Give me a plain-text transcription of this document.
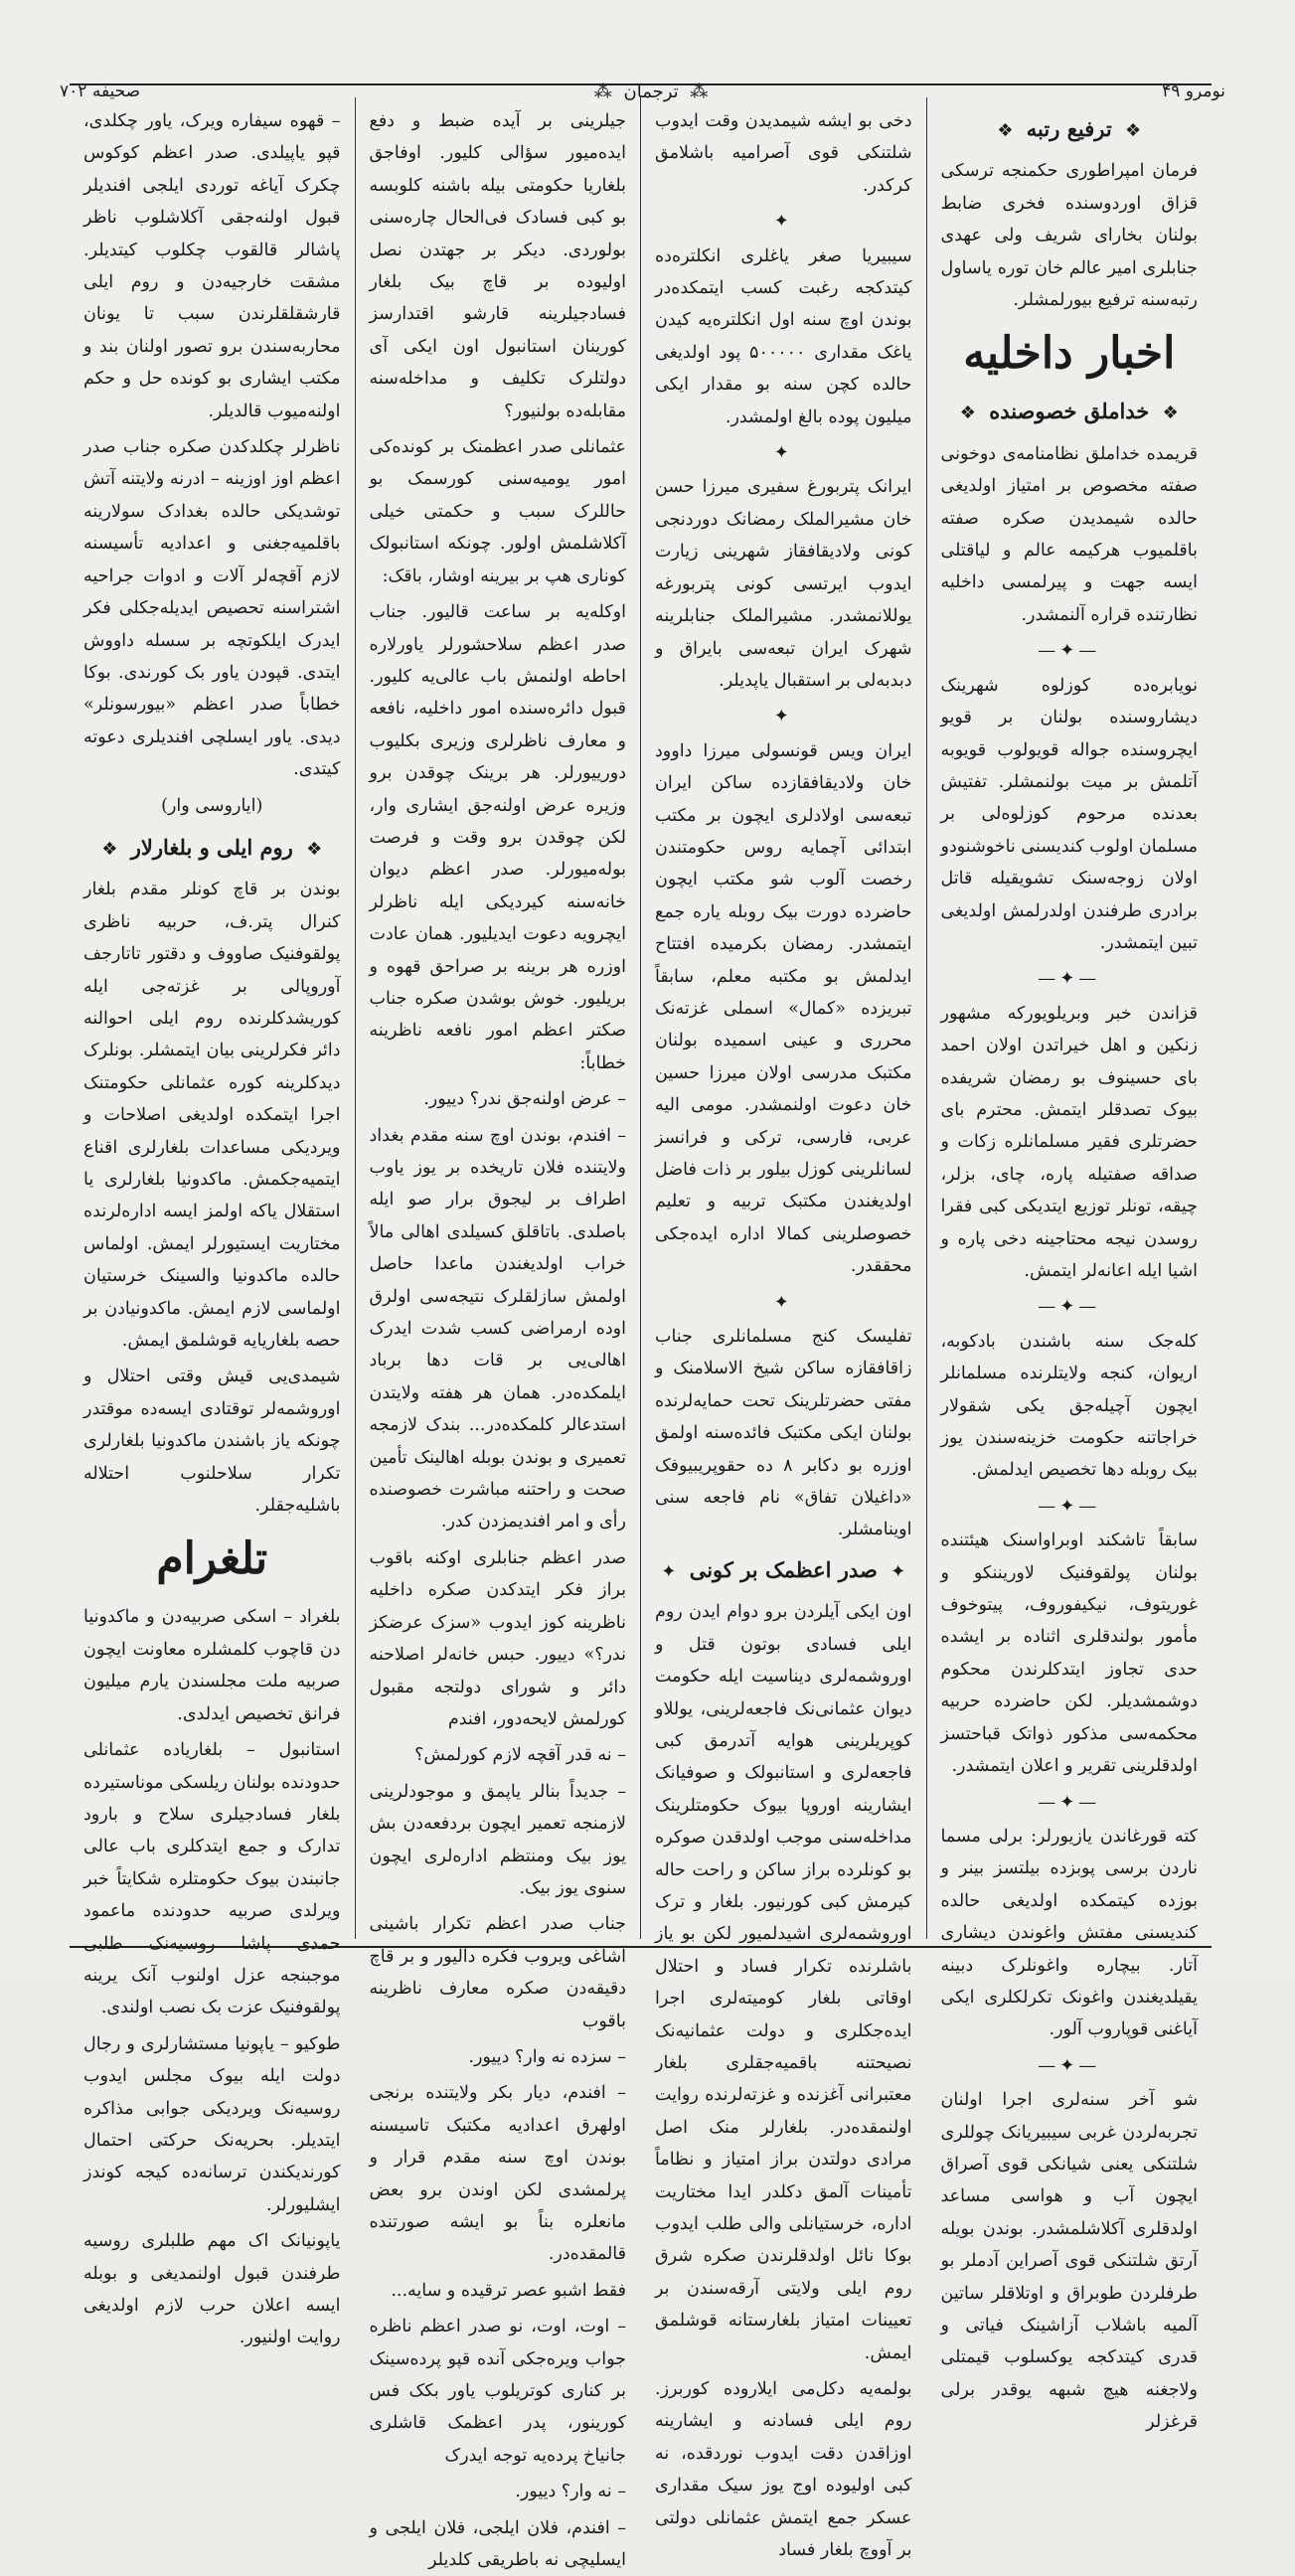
نومرو ۴۹
⁂ ترجمان ⁂
صحیفه ۷۰۲
❖ ترفیع رتبه ❖

فرمان امپراطوری حکمنجه ترسکی قزاق اوردوسنده فخری ضابط بولنان بخارای شریف ولی عهدی جنابلری امیر عالم خان توره یاساول رتبه‌سنه ترفیع بیورلمشلر.

اخبار داخلیه
❖ خداملق خصوصنده ❖

قریمده خداملق نظامنامه‌ی دوخونی صفته مخصوص بر امتیاز اولدیغی حالده شیمدیدن صکره صفته باقلمیوب هرکیمه عالم و لیاقتلی ایسه جهت و پیرلمسی داخلیه نظارتنده قراره آلنمشدر.

—✦—

نویابره‌ده کوزلوه شهرینک دیشاروسنده بولنان بر قویو ایچروسنده جواله قویولوب قویوبه آتلمش بر میت بولنمشلر. تفتیش بعدنده مرحوم کوزلوه‌لی بر مسلمان اولوب کندیسنی ناخوشنودو اولان زوجه‌سنک تشویقیله قاتل برادری طرفندن اولدرلمش اولدیغی تبین ایتمشدر.

—✦—

قزاندن خبر وبریلویورکه مشهور زنکین و اهل خیراتدن اولان احمد بای حسینوف بو رمضان شریفده بیوک تصدقلر ایتمش. محترم بای حضرتلری فقیر مسلمانلره زکات و صداقه صفتیله پاره، چای، بزلر، چیقه، تونلر توزیع ایتدیکی کبی فقرا روسدن نیجه محتاجینه دخی پاره و اشیا ایله اعانه‌لر ایتمش.

—✦—

کله‌جک سنه باشندن بادکوبه، اریوان، کنجه ولایتلرنده مسلمانلر ایچون آچیله‌جق یکی شقولار خراجاتنه حکومت خزینه‌سندن یوز بیک روبله دها تخصیص ایدلمش.

—✦—

سابقاً تاشکند اوبراواسنک هیئتنده بولنان پولقوفنیک لاوریننکو و غوریتوف، نیکیفوروف، پیتوخوف مأمور بولندقلری اثناده بر ایشده حدی تجاوز ایتدکلرندن محکوم دوشمشدیلر. لکن حاضرده حربیه محکمه‌سی مذکور ذواتک قباحتسز اولدقلرینی تقریر و اعلان ایتمشدر.

—✦—

کته قورغاندن یازیورلر: برلی مسما ناردن برسی پوبزده بیلتسز بینر و بوزده کیتمکده اولدیغی حالده کندیسنی مفتش واغوندن دیشاری آتار. بیچاره واغونلرک دبینه یقیلدیغندن واغونک تکرلکلری ایکی آیاغنی قوپاروب آلور.

—✦—

شو آخر سنه‌لری اجرا اولنان تجربه‌لردن غربی سیبیریانک چوللری شلتنکی یعنی شیانکی قوی آصراق ایچون آب و هواسی مساعد اولدقلری آکلاشلمشدر. بوندن بویله آرتق شلتنکی قوی آصراین آدملر بو طرفلردن طوبراق و اوتلاقلر ساتین آلمیه باشلاب آزاشینک فیاتی و قدری کیتدکجه یوکسلوب قیمتلی ولاجغنه هیچ شبهه یوقدر برلی قرغزلر

دخی بو ایشه شیمدیدن وقت ایدوب شلتنکی قوی آصرامیه باشلامق کرکدر.

✦

سیبیریا صغر یاغلری انکلتره‌ده کیتدکجه رغبت کسب ایتمکده‌در بوندن اوچ سنه اول انکلتره‌یه کیدن یاغک مقداری ۵۰۰۰۰۰ پود اولدیغی حالده کچن سنه بو مقدار ایکی میلیون پوده بالغ اولمشدر.

✦

ایرانک پتربورغ سفیری میرزا حسن خان مشیرالملک رمضانک دوردنجی کونی ولادیقافقاز شهرینی زیارت ایدوب ایرتسی کونی پتربورغه یوللانمشدر. مشیرالملک جنابلرینه شهرک ایران تبعه‌سی بایراق و دبدبه‌لی بر استقبال یاپدیلر.

✦

ایران ویس قونسولی میرزا داوود خان ولادیقافقازده ساکن ایران تبعه‌سی اولادلری ایچون بر مکتب ابتدائی آچمایه روس حکومتندن رخصت آلوب شو مکتب ایچون حاضرده دورت بیک روبله یاره جمع ایتمشدر. رمضان بکرمیده افتتاح ایدلمش بو مکتبه معلم، سابقاً تبریزده «کمال» اسملی غزته‌نک محرری و عینی اسمیده بولنان مکتبک مدرسی اولان میرزا حسین خان دعوت اولنمشدر. مومی الیه عربی، فارسی، ترکی و فرانسز لسانلرینی کوزل بیلور بر ذات فاضل اولدیغندن مکتبک تربیه و تعلیم خصوصلرینی کمالا اداره ایده‌جکی محققدر.

✦

تفلیسک کنج مسلمانلری جناب زاقافقازه ساکن شیخ الاسلامنک و مفتی حضرتلرینک تحت حمایه‌لرنده بولنان ایکی مکتبک فائده‌سنه اولمق اوزره بو دکابر ۸ ده حقوپریبیوفک «داغیلان تفاق» نام فاجعه سنی اوینامشلر.

✦ صدر اعظمک بر کونی ✦

اون ایکی آیلردن برو دوام ایدن روم ایلی فسادی بوتون قتل و اوروشمه‌لری دیناسیت ایله حکومت دیوان عثمانی‌نک فاجعه‌لرینی، یوللاو کوپریلرینی هوایه آتدرمق کبی فاجعه‌لری و استانبولک و صوفیانک ایشارینه اوروپا بیوک حکومتلرینک مداخله‌سنی موجب اولدقدن صوکره بو کونلرده براز ساکن و راحت حاله کیرمش کبی کورنیور. بلغار و ترک اوروشمه‌لری اشیدلمیور لکن بو یاز باشلرنده تکرار فساد و احتلال اوقاتی بلغار کومیته‌لری اجرا ایده‌جکلری و دولت عثمانیه‌نک نصیحتنه باقمیه‌جقلری بلغار معتبرانی آغزنده و غزته‌لرنده روایت اولنمقده‌در. بلغارلر منک اصل مرادی دولتدن براز امتیاز و نظاماً تأمینات آلمق دکلدر ایدا مختاریت اداره، خرستیانلی والی طلب ایدوب بوکا نائل اولدقلرندن صکره شرق روم ایلی ولایتی آرقه‌سندن بر تعیینات امتیاز بلغارستانه قوشلمق ایمش.

بولمه‌یه دکل‌می ایلاروده کوربرز. روم ایلی فسادنه و ایشارینه اوزاقدن دقت ایدوب نوردقده، نه کبی اولیوده اوج یوز سیک مقداری عسکر جمع ایتمش عثمانلی دولتی بر آووچ بلغار فساد

جیلرینی بر آیده ضبط و دفع ایده‌میور سؤالی کلیور. اوفاجق بلغاریا حکومتی بیله باشنه کلوبسه بو کبی فسادک فی‌الحال چاره‌سنی بولوردی. دیکر بر جهتدن نصل اولیوده بر قاچ بیک بلغار فسادجیلرینه قارشو اقتدارسز کورینان استانبول اون ایکی آی دولتلرک تکلیف و مداخله‌سنه مقابله‌ده بولنیور؟

عثمانلی صدر اعظمنک بر کونده‌کی امور یومیه‌سنی کورسمک بو حاللرک سبب و حکمتی خیلی آکلاشلمش اولور. چونکه استانبولک کوناری هپ بر بیرینه اوشار، باقک:

اوکله‌یه بر ساعت قالیور. جناب صدر اعظم سلاحشورلر یاورلاره احاطه اولنمش باب عالی‌یه کلیور. قبول دائره‌سنده امور داخلیه، نافعه و معارف ناظرلری وزیری بکلیوب دورییورلر. هر برینک چوقدن برو وزیره عرض اولنه‌جق ایشاری وار، لکن چوقدن برو وقت و فرصت بوله‌میورلر. صدر اعظم دیوان خانه‌سنه کیردیکی ایله ناظرلر ایچرویه دعوت ایدیلیور. همان عادت اوزره هر برینه بر صراحق قهوه و بریلیور. خوش بوشدن صکره جناب صکتر اعظم امور نافعه ناظرینه خطاباً:

– عرض اولنه‌جق ندر؟ دییور.

– افندم، بوندن اوچ سنه مقدم بغداد ولایتنده فلان تاریخده بر یوز یاوب اطراف بر لیجوق برار صو ایله باصلدی. باتاقلق کسیلدی اهالی مالاً خراب اولدیغندن ماعدا حاصل اولمش سازلقلرک نتیجه‌سی اولرق اوده ارمراضی کسب شدت ایدرک اهالی‌یی بر قات دها برباد ایلمکده‌در. همان هر هفته ولایتدن استدعالر کلمکده‌در... بندک لازمجه تعمیری و بوندن بوبله اهالینک تأمین صحت و راحتنه مباشرت خصوصنده رأی و امر افندیمزدن کدر.

صدر اعظم جنابلری اوکنه باقوب براز فکر ایتدکدن صکره داخلیه ناظرینه کوز ایدوب «سزک عرضکز ندر؟» دییور. حبس خانه‌لر اصلاحنه دائر و شورای دولتجه مقبول کورلمش لایحه‌دور، افندم

– نه قدر آقچه لازم کورلمش؟

– جدیداً بنالر یاپمق و موجودلرینی لازمنجه تعمیر ایچون بردفعه‌دن بش یوز بیک ومنتظم اداره‌لری ایچون سنوی یوز بیک.

جناب صدر اعظم تکرار باشینی آشاغی ویروب فکره دالیور و بر قاچ دقیقه‌دن صکره معارف ناظرینه باقوب

– سزده نه وار؟ دییور.

– افندم، دیار بکر ولایتنده برنجی اولهرق اعدادیه مکتبک تاسیسنه بوندن اوچ سنه مقدم قرار و پرلمشدی لکن اوندن برو بعض مانعلره بناً بو ایشه صورتنده قالمقده‌در.

فقط اشبو عصر ترقیده و سایه...

– اوت، اوت، نو صدر اعظم ناظره جواب ویره‌جکی آنده قپو پرده‌سینک بر کناری کوتریلوب یاور بکک فس کورینور، پدر اعظمک قاشلری جانیاخ پرده‌یه توجه ایدرک

– نه وار؟ دییور.

– افندم، فلان ایلجی، فلان ایلجی و ایسلیچی نه باطریقی کلدیلر

– قهوه سیفاره ویرک، یاور چکلدی، قپو یاپیلدی. صدر اعظم کوکوس چکرک آیاغه توردی ایلجی افندیلر قبول اولنه‌جقی آکلاشلوب ناظر پاشالر قالقوب چکلوب کیتدیلر. مشقت خارجیه‌دن و روم ایلی قارشقلقلرندن سبب تا یونان محاربه‌سندن برو تصور اولنان بند و مکتب ایشاری بو کونده حل و حکم اولنه‌میوب قالدیلر.

ناظرلر چکلدکدن صکره جناب صدر اعظم اوز اوزینه – ادرنه ولایتنه آتش توشدیکی حالده بغدادک سولارینه باقلمیه‌جغنی و اعدادیه تأسیسنه لازم آقچه‌لر آلات و ادوات جراحیه اشتراسنه تحصیص ایدیله‌جکلی فکر ایدرک ایلکوتچه بر سسله داووش ایتدی. قپودن یاور بک کورندی. بوکا خطاباً صدر اعظم «بیورسونلر» دیدی. یاور ایسلچی افندیلری دعوته کیتدی.

(ایاروسی وار)
❖ روم ایلی و بلغارلار ❖

بوندن بر قاچ کونلر مقدم بلغار کنرال پتر.ف، حربیه ناظری پولقوفنیک صاووف و دقتور تاتارجف آوروپالی بر غزته‌جی ایله کوریشدکلرنده روم ایلی احوالنه دائر فکرلرینی بیان ایتمشلر. بونلرک دیدکلرینه کوره عثمانلی حکومتنک اجرا ایتمکده اولدیغی اصلاحات و ویردیکی مساعدات بلغارلری اقناع ایتمیه‌جکمش. ماکدونیا بلغارلری یا استقلال یاکه اولمز ایسه اداره‌لرنده مختاریت ایستیورلر ایمش. اولماس حالده ماکدونیا والسینک خرستیان اولماسی لازم ایمش. ماکدونیادن بر حصه بلغاریایه قوشلمق ایمش.

شیمدی‌یی قیش وقتی احتلال و اوروشمه‌لر توقتادی ایسه‌ده موقتدر چونکه یاز باشندن ماکدونیا بلغارلری تکرار سلاحلنوب احتلاله باشلیه‌جقلر.

تلغرام

بلغراد – اسکی صربیه‌دن و ماکدونیا دن قاچوب کلمشلره معاونت ایچون صربیه ملت مجلسندن یارم میلیون فرانق تخصیص ایدلدی.

استانبول – بلغاریاده عثمانلی حدودنده بولنان ریلسکی موناستیرده بلغار فسادجیلری سلاح و بارود تدارک و جمع ایتدکلری باب عالی جانبندن بیوک حکومتلره شکایتاً خبر ویرلدی صربیه حدودنده ماعمود حمدی پاشا روسیه‌نک طلبی موجبنجه عزل اولنوب آنک یرینه پولقوفنیک عزت بک نصب اولندی.

طوکیو – یاپونیا مستشارلری و رجال دولت ایله بیوک مجلس ایدوب روسیه‌نک ویردیکی جوابی مذاکره ایتدیلر. بحریه‌نک حرکتی احتمال کورندیکندن ترسانه‌ده کیجه کوندز ایشلیورلر.

یاپونیانک اک مهم طلبلری روسیه طرفندن قبول اولنمدیغی و بوبله ایسه اعلان حرب لازم اولدیغی روایت اولنیور.
